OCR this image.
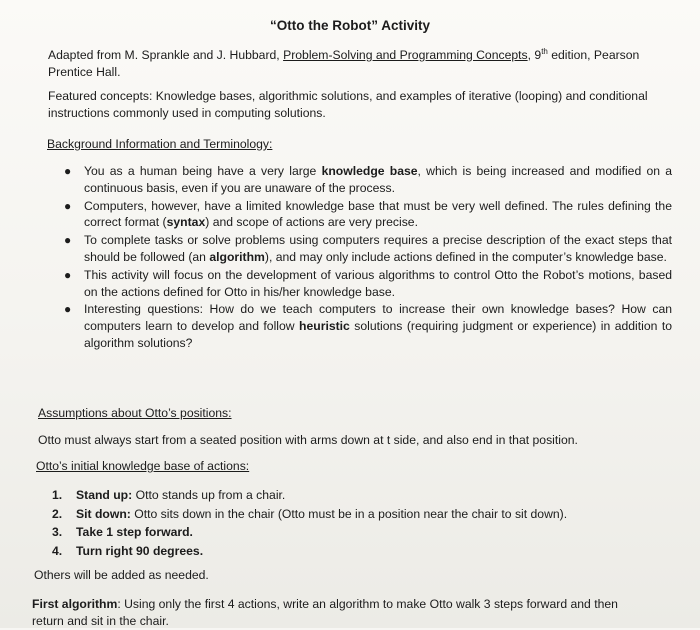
“Otto the Robot” Activity
Adapted from M. Sprankle and J. Hubbard, Problem-Solving and Programming Concepts, 9th edition, Pearson
Prentice Hall.
Featured concepts: Knowledge bases, algorithmic solutions, and examples of iterative (looping) and conditional
instructions commonly used in computing solutions.
Background Information and Terminology:
● You as a human being have a very large knowledge base, which is being increased and modified on a continuous basis, even if you are unaware of the process.
● Computers, however, have a limited knowledge base that must be very well defined. The rules defining the correct format (syntax) and scope of actions are very precise.
● To complete tasks or solve problems using computers requires a precise description of the exact steps that should be followed (an algorithm), and may only include actions defined in the computer’s knowledge base.
● This activity will focus on the development of various algorithms to control Otto the Robot’s motions, based on the actions defined for Otto in his/her knowledge base.
● Interesting questions: How do we teach computers to increase their own knowledge bases? How can computers learn to develop and follow heuristic solutions (requiring judgment or experience) in addition to algorithm solutions?
Assumptions about Otto’s positions:
Otto must always start from a seated position with arms down at t side, and also end in that position.
Otto’s initial knowledge base of actions:
1. Stand up: Otto stands up from a chair.
2. Sit down: Otto sits down in the chair (Otto must be in a position near the chair to sit down).
3. Take 1 step forward.
4. Turn right 90 degrees.
Others will be added as needed.
First algorithm: Using only the first 4 actions, write an algorithm to make Otto walk 3 steps forward and then
return and sit in the chair.
